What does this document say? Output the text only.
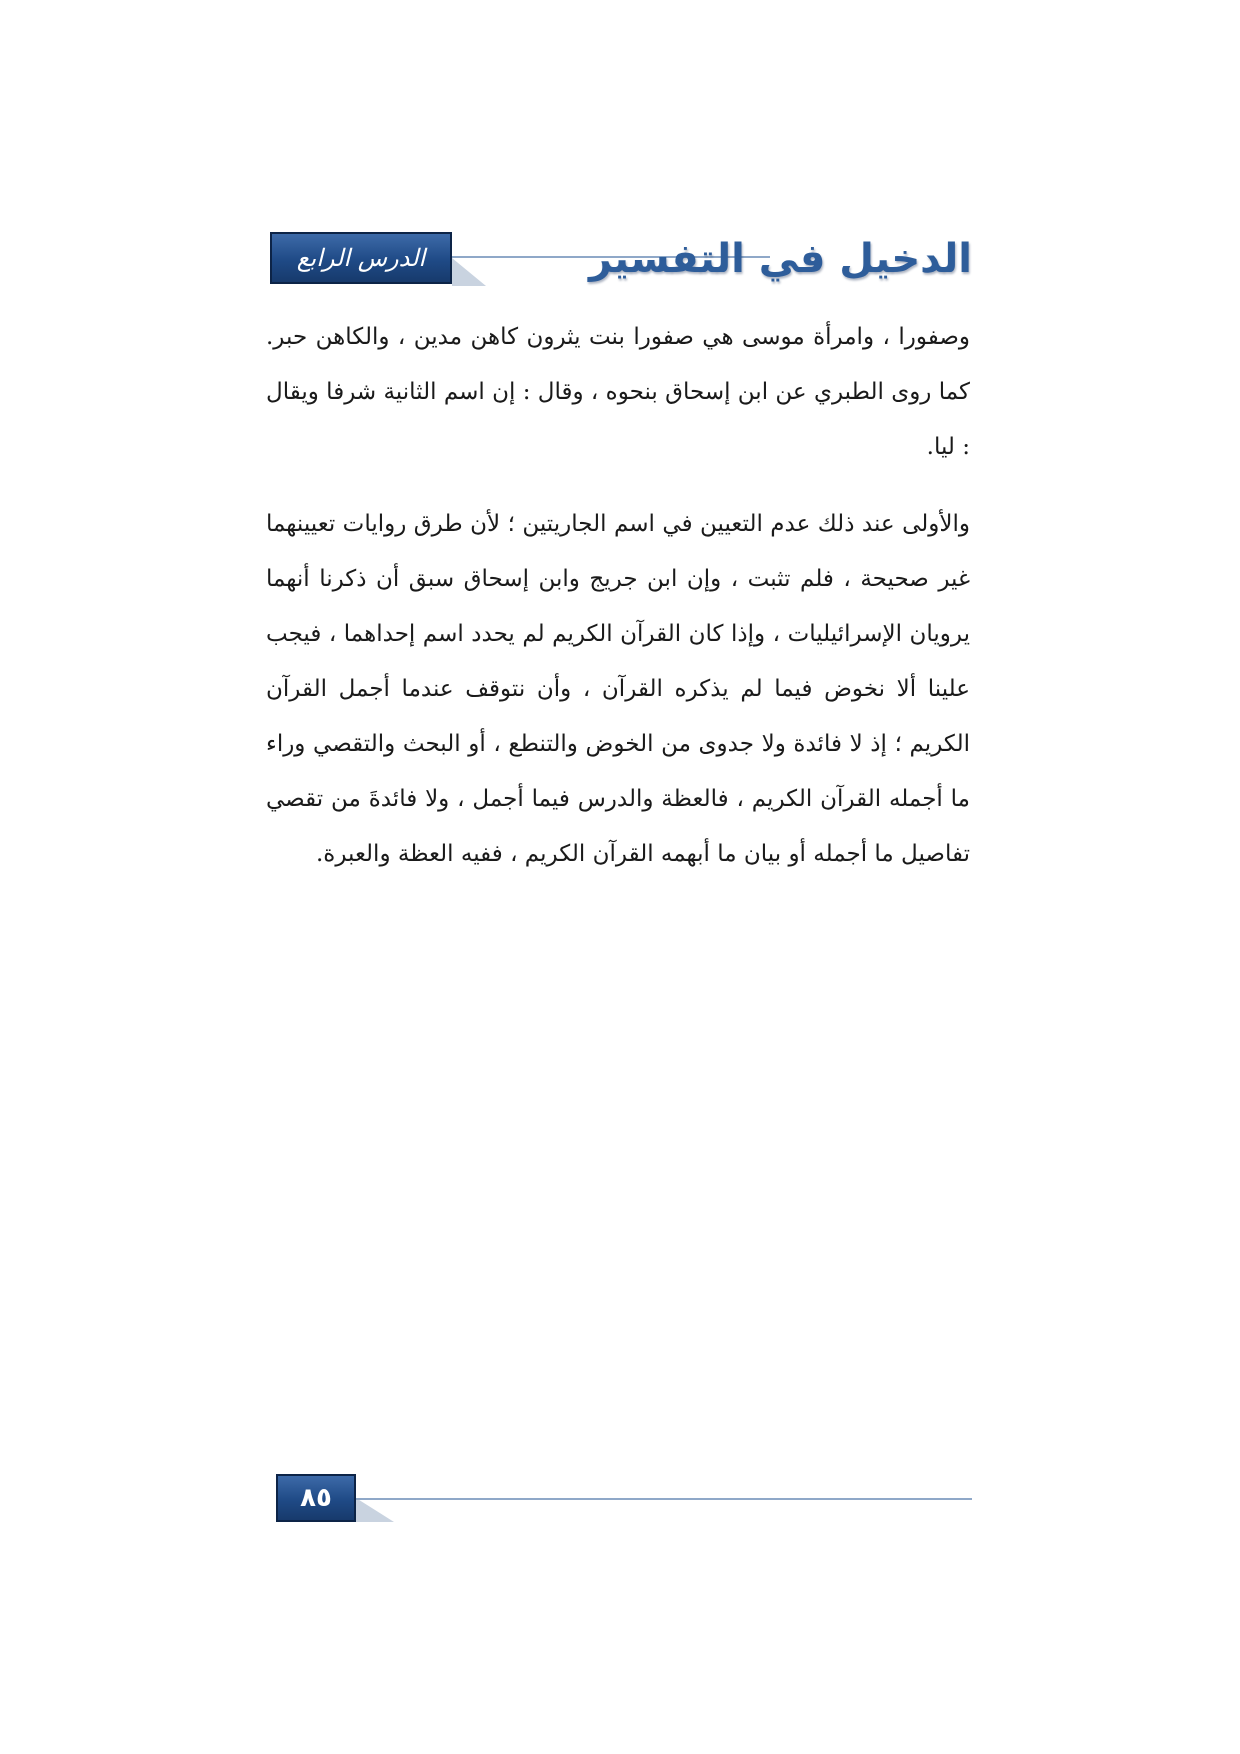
الدرس الرابع	الدخيل في التفسير

وصفورا ، وامرأة موسى هي صفورا بنت يثرون كاهن مدين ، والكاهن حبر. كما روى الطبري عن ابن إسحاق بنحوه ، وقال : إن اسم الثانية شرفا ويقال : ليا.

والأولى عند ذلك عدم التعيين في اسم الجاريتين ؛ لأن طرق روايات تعيينهما غير صحيحة ، فلم تثبت ، وإن ابن جريج وابن إسحاق سبق أن ذكرنا أنهما يرويان الإسرائيليات ، وإذا كان القرآن الكريم لم يحدد اسم إحداهما ، فيجب علينا ألا نخوض فيما لم يذكره القرآن ، وأن نتوقف عندما أجمل القرآن الكريم ؛ إذ لا فائدة ولا جدوى من الخوض والتنطع ، أو البحث والتقصي وراء ما أجمله القرآن الكريم ، فالعظة والدرس فيما أجمل ، ولا فائدةَ من تقصي تفاصيل ما أجمله أو بيان ما أبهمه القرآن الكريم ، ففيه العظة والعبرة.

٨٥
